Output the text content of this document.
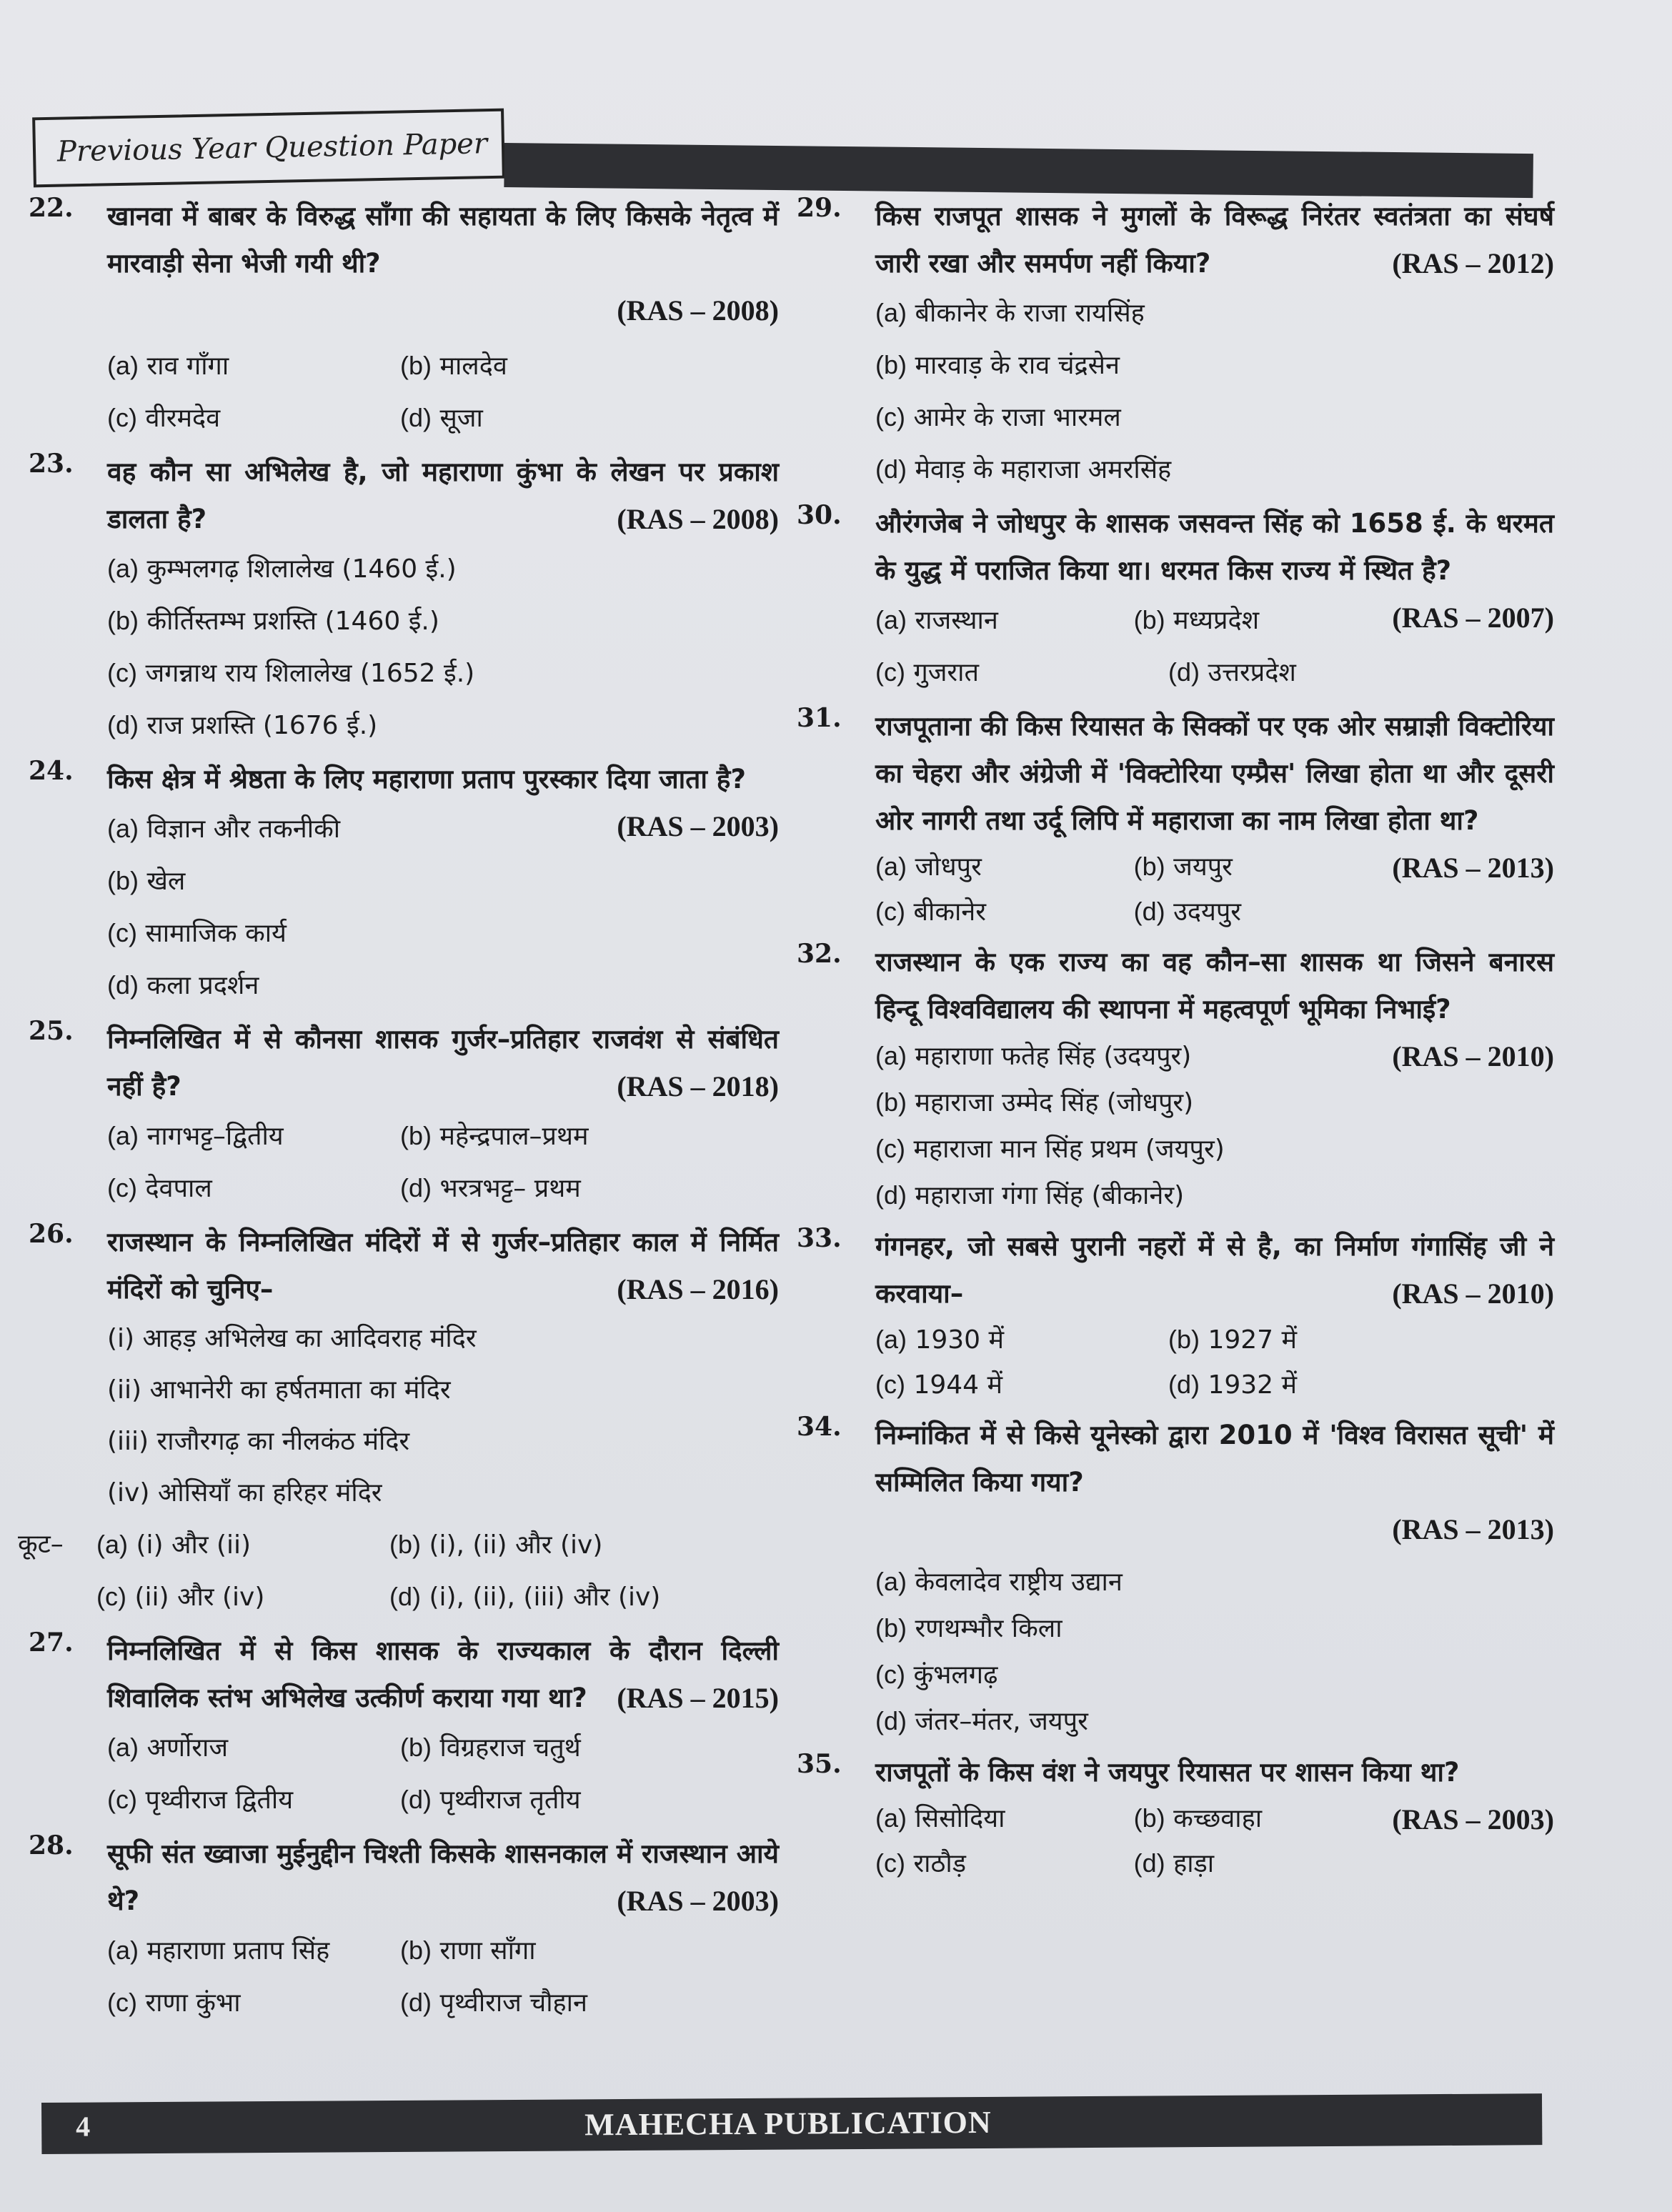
Previous Year Question Paper
22. खानवा में बाबर के विरुद्ध साँगा की सहायता के लिए किसके नेतृत्व में मारवाड़ी सेना भेजी गयी थी?
(RAS – 2008)
(a) राव गाँगा	(b) मालदेव
(c) वीरमदेव	(d) सूजा
23. वह कौन सा अभिलेख है, जो महाराणा कुंभा के लेखन पर प्रकाश डालता है?	(RAS – 2008)
(a) कुम्भलगढ़ शिलालेख (1460 ई.)
(b) कीर्तिस्तम्भ प्रशस्ति (1460 ई.)
(c) जगन्नाथ राय शिलालेख (1652 ई.)
(d) राज प्रशस्ति (1676 ई.)
24. किस क्षेत्र में श्रेष्ठता के लिए महाराणा प्रताप पुरस्कार दिया जाता है?
(RAS – 2003)
(a) विज्ञान और तकनीकी
(b) खेल
(c) सामाजिक कार्य
(d) कला प्रदर्शन
25. निम्नलिखित में से कौनसा शासक गुर्जर–प्रतिहार राजवंश से संबंधित नहीं है?	(RAS – 2018)
(a) नागभट्ट–द्वितीय	(b) महेन्द्रपाल–प्रथम
(c) देवपाल	(d) भरत्रभट्ट– प्रथम
26. राजस्थान के निम्नलिखित मंदिरों में से गुर्जर–प्रतिहार काल में निर्मित मंदिरों को चुनिए–	(RAS – 2016)
(i) आहड़ अभिलेख का आदिवराह मंदिर
(ii) आभानेरी का हर्षतमाता का मंदिर
(iii) राजौरगढ़ का नीलकंठ मंदिर
(iv) ओसियाँ का हरिहर मंदिर
कूट–	(a) (i) और (ii)	(b) (i), (ii) और (iv)
(c) (ii) और (iv)	(d) (i), (ii), (iii) और (iv)
27. निम्नलिखित में से किस शासक के राज्यकाल के दौरान दिल्ली शिवालिक स्तंभ अभिलेख उत्कीर्ण कराया गया था? (RAS – 2015)
(a) अर्णोराज	(b) विग्रहराज चतुर्थ
(c) पृथ्वीराज द्वितीय	(d) पृथ्वीराज तृतीय
28. सूफी संत ख्वाजा मुईनुद्दीन चिश्ती किसके शासनकाल में राजस्थान आये थे?	(RAS – 2003)
(a) महाराणा प्रताप सिंह	(b) राणा साँगा
(c) राणा कुंभा	(d) पृथ्वीराज चौहान
29. किस राजपूत शासक ने मुगलों के विरूद्ध निरंतर स्वतंत्रता का संघर्ष जारी रखा और समर्पण नहीं किया?	(RAS – 2012)
(a) बीकानेर के राजा रायसिंह
(b) मारवाड़ के राव चंद्रसेन
(c) आमेर के राजा भारमल
(d) मेवाड़ के महाराजा अमरसिंह
30. औरंगजेब ने जोधपुर के शासक जसवन्त सिंह को 1658 ई. के धरमत के युद्ध में पराजित किया था। धरमत किस राज्य में स्थित है?
(RAS – 2007)
(a) राजस्थान	(b) मध्यप्रदेश
(c) गुजरात	(d) उत्तरप्रदेश
31. राजपूताना की किस रियासत के सिक्कों पर एक ओर सम्राज्ञी विक्टोरिया का चेहरा और अंग्रेजी में 'विक्टोरिया एम्प्रैस' लिखा होता था और दूसरी ओर नागरी तथा उर्दू लिपि में महाराजा का नाम लिखा होता था?
(RAS – 2013)
(a) जोधपुर	(b) जयपुर
(c) बीकानेर	(d) उदयपुर
32. राजस्थान के एक राज्य का वह कौन–सा शासक था जिसने बनारस हिन्दू विश्वविद्यालय की स्थापना में महत्वपूर्ण भूमिका निभाई?
(RAS – 2010)
(a) महाराणा फतेह सिंह (उदयपुर)
(b) महाराजा उम्मेद सिंह (जोधपुर)
(c) महाराजा मान सिंह प्रथम (जयपुर)
(d) महाराजा गंगा सिंह (बीकानेर)
33. गंगनहर, जो सबसे पुरानी नहरों में से है, का निर्माण गंगासिंह जी ने करवाया–	(RAS – 2010)
(a) 1930 में	(b) 1927 में
(c) 1944 में	(d) 1932 में
34. निम्नांकित में से किसे यूनेस्को द्वारा 2010 में 'विश्व विरासत सूची' में सम्मिलित किया गया?
(RAS – 2013)
(a) केवलादेव राष्ट्रीय उद्यान
(b) रणथम्भौर किला
(c) कुंभलगढ़
(d) जंतर–मंतर, जयपुर
35. राजपूतों के किस वंश ने जयपुर रियासत पर शासन किया था?
(RAS – 2003)
(a) सिसोदिया	(b) कच्छवाहा
(c) राठौड़	(d) हाड़ा
4	MAHECHA PUBLICATION
